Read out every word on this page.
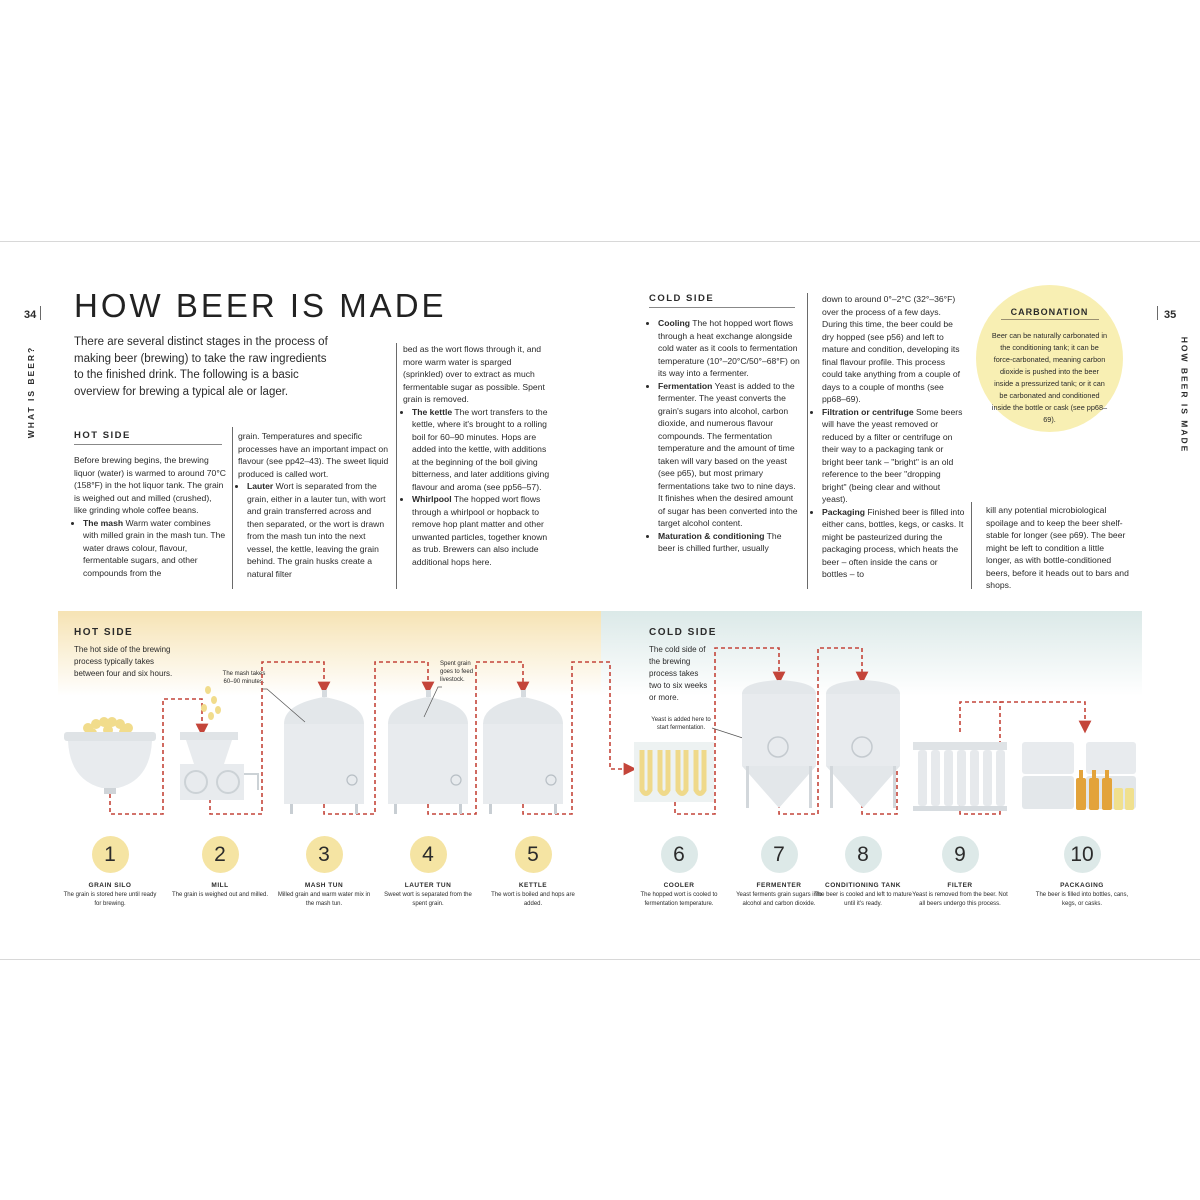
34
WHAT IS BEER?
35
HOW BEER IS MADE
HOW BEER IS MADE
There are several distinct stages in the process of making beer (brewing) to take the raw ingredients to the finished drink. The following is a basic overview for brewing a typical ale or lager.
HOT SIDE

Before brewing begins, the brewing liquor (water) is warmed to around 70°C (158°F) in the hot liquor tank. The grain is weighed out and milled (crushed), like grinding whole coffee beans.

• The mash Warm water combines with milled grain in the mash tun. The water draws colour, flavour, fermentable sugars, and other compounds from the

grain. Temperatures and specific processes have an important impact on flavour (see pp42–43). The sweet liquid produced is called wort.

• Lauter Wort is separated from the grain, either in a lauter tun, with wort and grain transferred across and then separated, or the wort is drawn from the mash tun into the next vessel, the kettle, leaving the grain behind. The grain husks create a natural filter

bed as the wort flows through it, and more warm water is sparged (sprinkled) over to extract as much fermentable sugar as possible. Spent grain is removed.

• The kettle The wort transfers to the kettle, where it's brought to a rolling boil for 60–90 minutes. Hops are added into the kettle, with additions at the beginning of the boil giving bitterness, and later additions giving flavour and aroma (see pp56–57).
• Whirlpool The hopped wort flows through a whirlpool or hopback to remove hop plant matter and other unwanted particles, together known as trub. Brewers can also include additional hops here.
COLD SIDE
• Cooling The hot hopped wort flows through a heat exchange alongside cold water as it cools to fermentation temperature (10°–20°C/50°–68°F) on its way into a fermenter.
• Fermentation Yeast is added to the fermenter. The yeast converts the grain's sugars into alcohol, carbon dioxide, and numerous flavour compounds. The fermentation temperature and the amount of time taken will vary based on the yeast (see p65), but most primary fermentations take two to nine days. It finishes when the desired amount of sugar has been converted into the target alcohol content.
• Maturation & conditioning The beer is chilled further, usually

down to around 0°–2°C (32°–36°F) over the process of a few days. During this time, the beer could be dry hopped (see p56) and left to mature and condition, developing its final flavour profile. This process could take anything from a couple of days to a couple of months (see pp68–69).

• Filtration or centrifuge Some beers will have the yeast removed or reduced by a filter or centrifuge on their way to a packaging tank or bright beer tank – "bright" is an old reference to the beer "dropping bright" (being clear and without yeast).
• Packaging Finished beer is filled into either cans, bottles, kegs, or casks. It might be pasteurized during the packaging process, which heats the beer – often inside the cans or bottles – to

kill any potential microbiological spoilage and to keep the beer shelf-stable for longer (see p69). The beer might be left to condition a little longer, as with bottle-conditioned beers, before it heads out to bars and shops.

CARBONATION
Beer can be naturally carbonated in the conditioning tank; it can be force-carbonated, meaning carbon dioxide is pushed into the beer inside a pressurized tank; or it can be carbonated and conditioned inside the bottle or cask (see pp68–69).
HOT SIDE
The hot side of the brewing process typically takes between four and six hours.
COLD SIDE
The cold side of the brewing process takes two to six weeks or more.
The mash takes 60–90 minutes.
Spent grain goes to feed livestock.
Yeast is added here to start fermentation.
1
GRAIN SILO
The grain is stored here until ready for brewing.
2
MILL
The grain is weighed out and milled.
3
MASH TUN
Milled grain and warm water mix in the mash tun.
4
LAUTER TUN
Sweet wort is separated from the spent grain.
5
KETTLE
The wort is boiled and hops are added.
6
COOLER
The hopped wort is cooled to fermentation temperature.
7
FERMENTER
Yeast ferments grain sugars into alcohol and carbon dioxide.
8
CONDITIONING TANK
The beer is cooled and left to mature until it's ready.
9
FILTER
Yeast is removed from the beer. Not all beers undergo this process.
10
PACKAGING
The beer is filled into bottles, cans, kegs, or casks.
